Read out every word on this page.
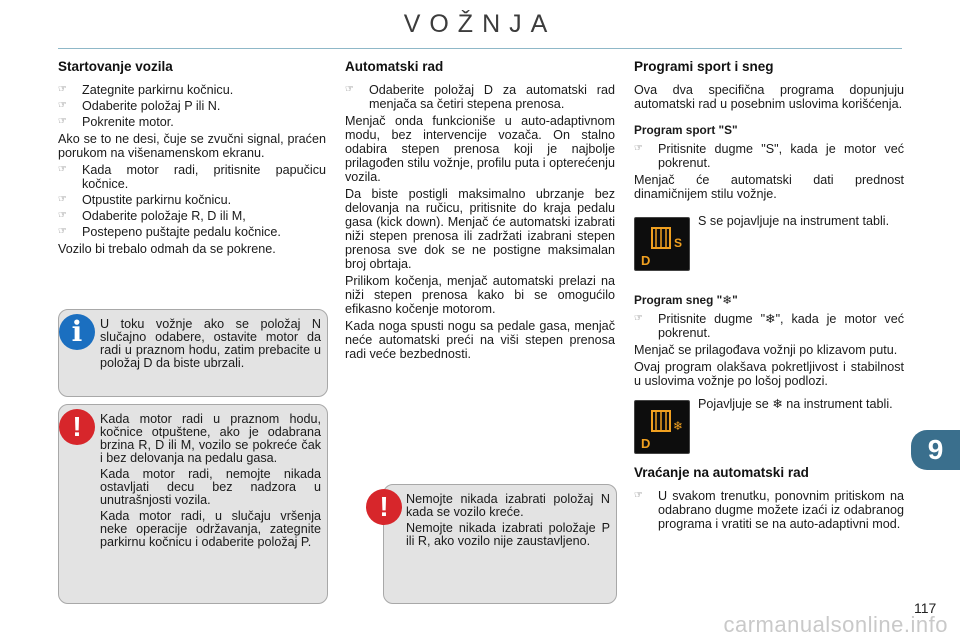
VOŽNJA
Startovanje vozila
☞ Zategnite parkirnu kočnicu.
☞ Odaberite položaj P ili N.
☞ Pokrenite motor.

Ako se to ne desi, čuje se zvučni signal, praćen porukom na višenamenskom ekranu.

☞ Kada motor radi, pritisnite papučicu kočnice.
☞ Otpustite parkirnu kočnicu.
☞ Odaberite položaje R, D ili M,
☞ Postepeno puštajte pedalu kočnice.

Vozilo bi trebalo odmah da se pokrene.

i	U toku vožnje ako se položaj N slučajno odabere, ostavite motor da radi u praznom hodu, zatim prebacite u položaj D da biste ubrzali.

!	Kada motor radi u praznom hodu, kočnice otpuštene, ako je odabrana brzina R, D ili M, vozilo se pokreće čak i bez delovanja na pedalu gasa.

Kada motor radi, nemojte nikada ostavljati decu bez nadzora u unutrašnjosti vozila.

Kada motor radi, u slučaju vršenja neke operacije održavanja, zategnite parkirnu kočnicu i odaberite položaj P.

Automatski rad
☞ Odaberite položaj D za automatski rad menjača sa četiri stepena prenosa.

Menjač onda funkcioniše u auto-adaptivnom modu, bez intervencije vozača. On stalno odabira stepen prenosa koji je najbolje prilagođen stilu vožnje, profilu puta i opterećenju vozila.

Da biste postigli maksimalno ubrzanje bez delovanja na ručicu, pritisnite do kraja pedalu gasa (kick down). Menjač će automatski izabrati niži stepen prenosa ili zadržati izabrani stepen prenosa sve dok se ne postigne maksimalan broj obrtaja.

Prilikom kočenja, menjač automatski prelazi na niži stepen prenosa kako bi se omogućilo efikasno kočenje motorom.

Kada noga spusti nogu sa pedale gasa, menjač neće automatski preći na viši stepen prenosa radi veće bezbednosti.

!	Nemojte nikada izabrati položaj N kada se vozilo kreće.

Nemojte nikada izabrati položaje P ili R, ako vozilo nije zaustavljeno.

Programi sport i sneg

Ova dva specifična programa dopunjuju automatski rad u posebnim uslovima korišćenja.

Program sport "S"
☞ Pritisnite dugme "S", kada je motor već pokrenut.

Menjač će automatski dati prednost dinamičnijem stilu vožnje.

D
S

S se pojavljuje na instrument tabli.

Program sneg "❄"
☞ Pritisnite dugme "❄", kada je motor već pokrenut.

Menjač se prilagođava vožnji po klizavom putu.

Ovaj program olakšava pokretljivost i stabilnost u uslovima vožnje po lošoj podlozi.

D
❄

Pojavljuje se ❄ na instrument tabli.

Vraćanje na automatski rad
☞ U svakom trenutku, ponovnim pritiskom na odabrano dugme možete izaći iz odabranog programa i vratiti se na auto-adaptivni mod.
9
117
carmanualsonline.info
